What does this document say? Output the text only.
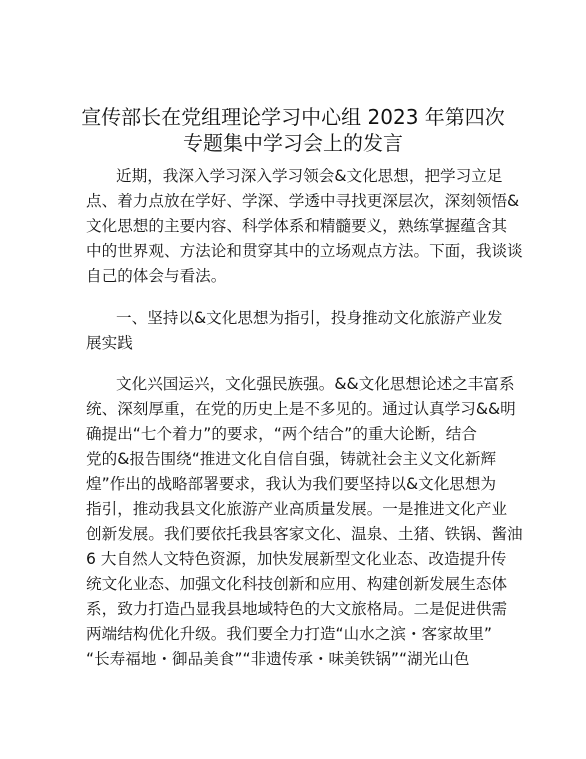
宣传部长在党组理论学习中心组 2023 年第四次
专题集中学习会上的发言
近期，我深入学习深入学习领会&文化思想，把学习立足
点、着力点放在学好、学深、学透中寻找更深层次，深刻领悟&
文化思想的主要内容、科学体系和精髓要义，熟练掌握蕴含其
中的世界观、方法论和贯穿其中的立场观点方法。下面，我谈谈
自己的体会与看法。
一、坚持以&文化思想为指引，投身推动文化旅游产业发
展实践
文化兴国运兴，文化强民族强。&&文化思想论述之丰富系
统、深刻厚重，在党的历史上是不多见的。通过认真学习&&明
确提出“七个着力”的要求，“两个结合”的重大论断，结合
党的&报告围绕“推进文化自信自强，铸就社会主义文化新辉
煌”作出的战略部署要求，我认为我们要坚持以&文化思想为
指引，推动我县文化旅游产业高质量发展。一是推进文化产业
创新发展。我们要依托我县客家文化、温泉、土猪、铁锅、酱油
6 大自然人文特色资源，加快发展新型文化业态、改造提升传
统文化业态、加强文化科技创新和应用、构建创新发展生态体
系，致力打造凸显我县地域特色的大文旅格局。二是促进供需
两端结构优化升级。我们要全力打造“山水之滨・客家故里”
“长寿福地・御品美食”“非遗传承・味美铁锅”“湖光山色
